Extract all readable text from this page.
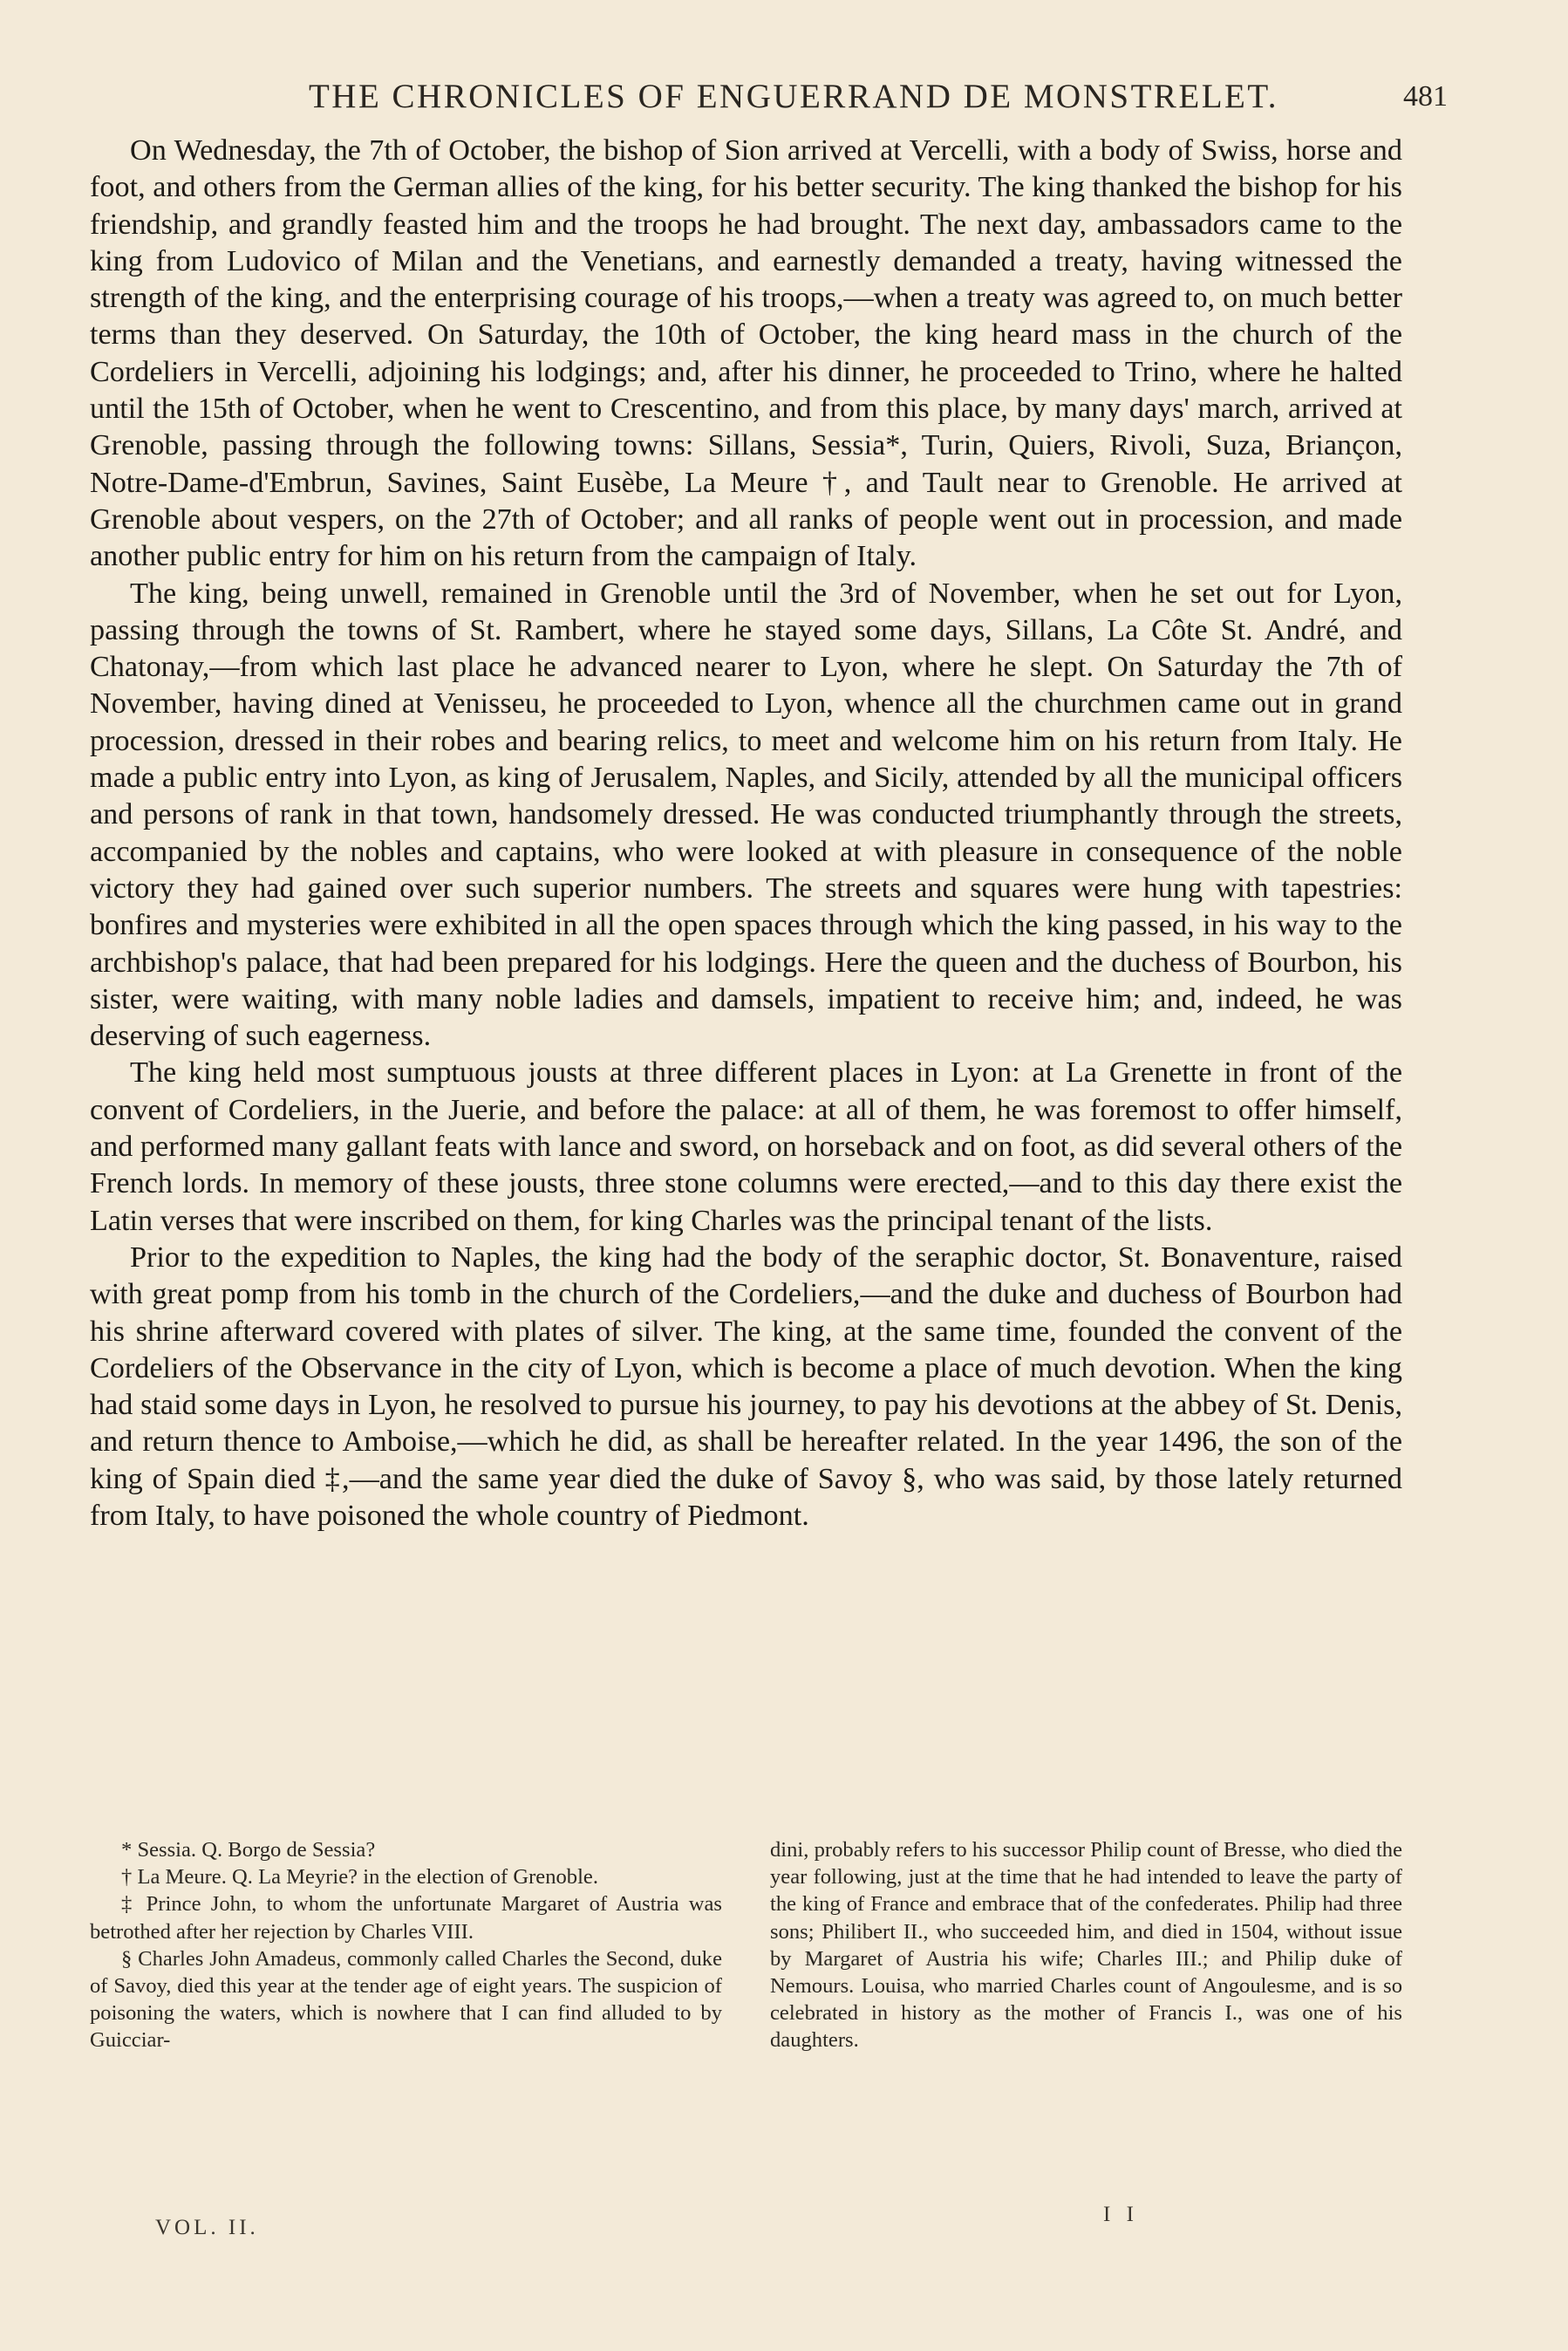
THE CHRONICLES OF ENGUERRAND DE MONSTRELET.	481

On Wednesday, the 7th of October, the bishop of Sion arrived at Vercelli, with a body of Swiss, horse and foot, and others from the German allies of the king, for his better security. The king thanked the bishop for his friendship, and grandly feasted him and the troops he had brought. The next day, ambassadors came to the king from Ludovico of Milan and the Venetians, and earnestly demanded a treaty, having witnessed the strength of the king, and the enterprising courage of his troops,—when a treaty was agreed to, on much better terms than they deserved. On Saturday, the 10th of October, the king heard mass in the church of the Cordeliers in Vercelli, adjoining his lodgings; and, after his dinner, he proceeded to Trino, where he halted until the 15th of October, when he went to Crescentino, and from this place, by many days' march, arrived at Grenoble, passing through the following towns: Sillans, Sessia*, Turin, Quiers, Rivoli, Suza, Briançon, Notre-Dame-d'Embrun, Savines, Saint Eusèbe, La Meure †, and Tault near to Grenoble. He arrived at Grenoble about vespers, on the 27th of October; and all ranks of people went out in procession, and made another public entry for him on his return from the campaign of Italy.

The king, being unwell, remained in Grenoble until the 3rd of November, when he set out for Lyon, passing through the towns of St. Rambert, where he stayed some days, Sillans, La Côte St. André, and Chatonay,—from which last place he advanced nearer to Lyon, where he slept. On Saturday the 7th of November, having dined at Venisseu, he proceeded to Lyon, whence all the churchmen came out in grand procession, dressed in their robes and bearing relics, to meet and welcome him on his return from Italy. He made a public entry into Lyon, as king of Jerusalem, Naples, and Sicily, attended by all the municipal officers and persons of rank in that town, handsomely dressed. He was conducted triumphantly through the streets, accompanied by the nobles and captains, who were looked at with pleasure in consequence of the noble victory they had gained over such superior numbers. The streets and squares were hung with tapestries: bonfires and mysteries were exhibited in all the open spaces through which the king passed, in his way to the archbishop's palace, that had been prepared for his lodgings. Here the queen and the duchess of Bourbon, his sister, were waiting, with many noble ladies and damsels, impatient to receive him; and, indeed, he was deserving of such eagerness.

The king held most sumptuous jousts at three different places in Lyon: at La Grenette in front of the convent of Cordeliers, in the Juerie, and before the palace: at all of them, he was foremost to offer himself, and performed many gallant feats with lance and sword, on horseback and on foot, as did several others of the French lords. In memory of these jousts, three stone columns were erected,—and to this day there exist the Latin verses that were inscribed on them, for king Charles was the principal tenant of the lists.

Prior to the expedition to Naples, the king had the body of the seraphic doctor, St. Bonaventure, raised with great pomp from his tomb in the church of the Cordeliers,—and the duke and duchess of Bourbon had his shrine afterward covered with plates of silver. The king, at the same time, founded the convent of the Cordeliers of the Observance in the city of Lyon, which is become a place of much devotion. When the king had staid some days in Lyon, he resolved to pursue his journey, to pay his devotions at the abbey of St. Denis, and return thence to Amboise,—which he did, as shall be hereafter related. In the year 1496, the son of the king of Spain died ‡,—and the same year died the duke of Savoy §, who was said, by those lately returned from Italy, to have poisoned the whole country of Piedmont.

* Sessia. Q. Borgo de Sessia?

† La Meure. Q. La Meyrie? in the election of Grenoble.

‡ Prince John, to whom the unfortunate Margaret of Austria was betrothed after her rejection by Charles VIII.

§ Charles John Amadeus, commonly called Charles the Second, duke of Savoy, died this year at the tender age of eight years. The suspicion of poisoning the waters, which is nowhere that I can find alluded to by Guicciar-

dini, probably refers to his successor Philip count of Bresse, who died the year following, just at the time that he had intended to leave the party of the king of France and embrace that of the confederates. Philip had three sons; Philibert II., who succeeded him, and died in 1504, without issue by Margaret of Austria his wife; Charles III.; and Philip duke of Nemours. Louisa, who married Charles count of Angoulesme, and is so celebrated in history as the mother of Francis I., was one of his daughters.

VOL. II.
I I
